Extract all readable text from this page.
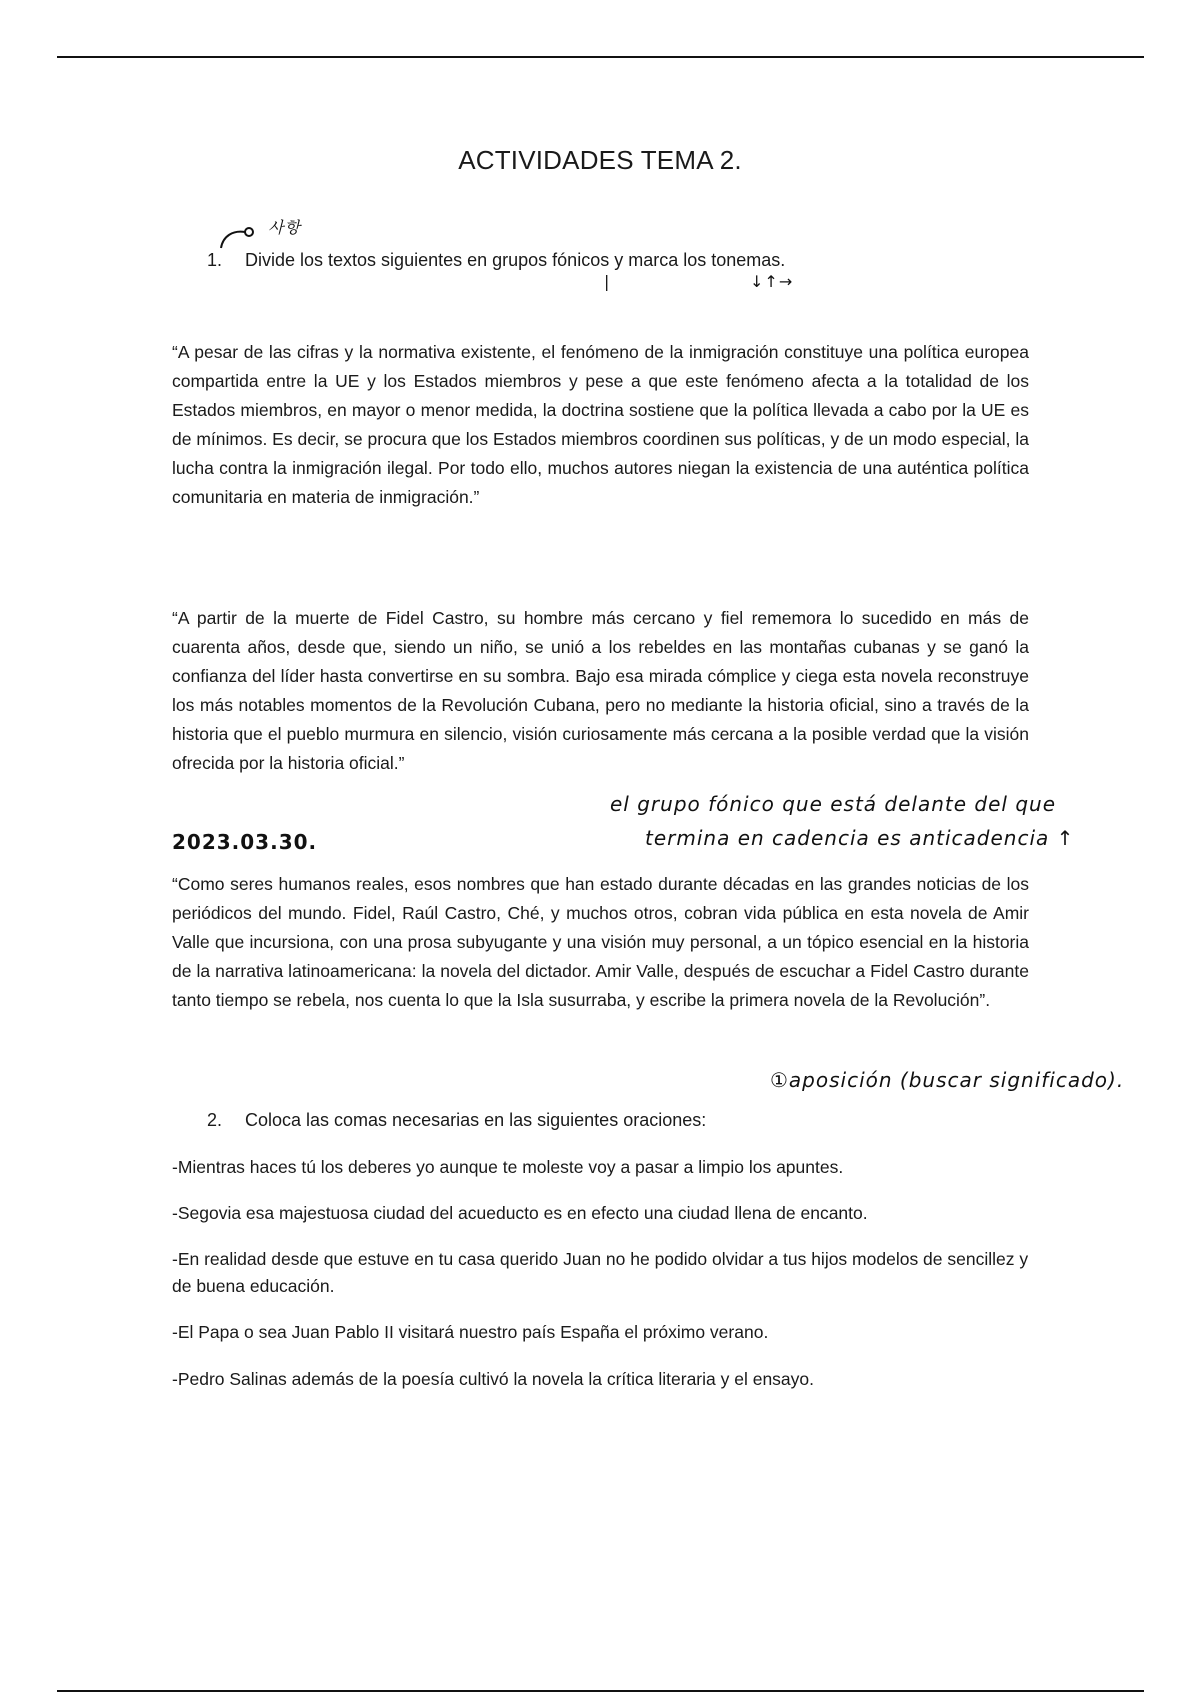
ACTIVIDADES TEMA 2.
사항
1. Divide los textos siguientes en grupos fónicos y marca los tonemas.
|	↓↑→
“A pesar de las cifras y la normativa existente, el fenómeno de la inmigración constituye una política europea compartida entre la UE y los Estados miembros y pese a que este fenómeno afecta a la totalidad de los Estados miembros, en mayor o menor medida, la doctrina sostiene que la política llevada a cabo por la UE es de mínimos. Es decir, se procura que los Estados miembros coordinen sus políticas, y de un modo especial, la lucha contra la inmigración ilegal. Por todo ello, muchos autores niegan la existencia de una auténtica política comunitaria en materia de inmigración.”
“A partir de la muerte de Fidel Castro, su hombre más cercano y fiel rememora lo sucedido en más de cuarenta años, desde que, siendo un niño, se unió a los rebeldes en las montañas cubanas y se ganó la confianza del líder hasta convertirse en su sombra. Bajo esa mirada cómplice y ciega esta novela reconstruye los más notables momentos de la Revolución Cubana, pero no mediante la historia oficial, sino a través de la historia que el pueblo murmura en silencio, visión curiosamente más cercana a la posible verdad que la visión ofrecida por la historia oficial.”
el grupo fónico que está delante del que
termina en cadencia es anticadencia ↑
2023.03.30.
“Como seres humanos reales, esos nombres que han estado durante décadas en las grandes noticias de los periódicos del mundo. Fidel, Raúl Castro, Ché, y muchos otros, cobran vida pública en esta novela de Amir Valle que incursiona, con una prosa subyugante y una visión muy personal, a un tópico esencial en la historia de la narrativa latinoamericana: la novela del dictador. Amir Valle, después de escuchar a Fidel Castro durante tanto tiempo se rebela, nos cuenta lo que la Isla susurraba, y escribe la primera novela de la Revolución”.
①aposición (buscar significado).
2. Coloca las comas necesarias en las siguientes oraciones:
-Mientras haces tú los deberes yo aunque te moleste voy a pasar a limpio los apuntes.
-Segovia esa majestuosa ciudad del acueducto es en efecto una ciudad llena de encanto.
-En realidad desde que estuve en tu casa querido Juan no he podido olvidar a tus hijos modelos de sencillez y de buena educación.
-El Papa o sea Juan Pablo II visitará nuestro país España el próximo verano.
-Pedro Salinas además de la poesía cultivó la novela la crítica literaria y el ensayo.
